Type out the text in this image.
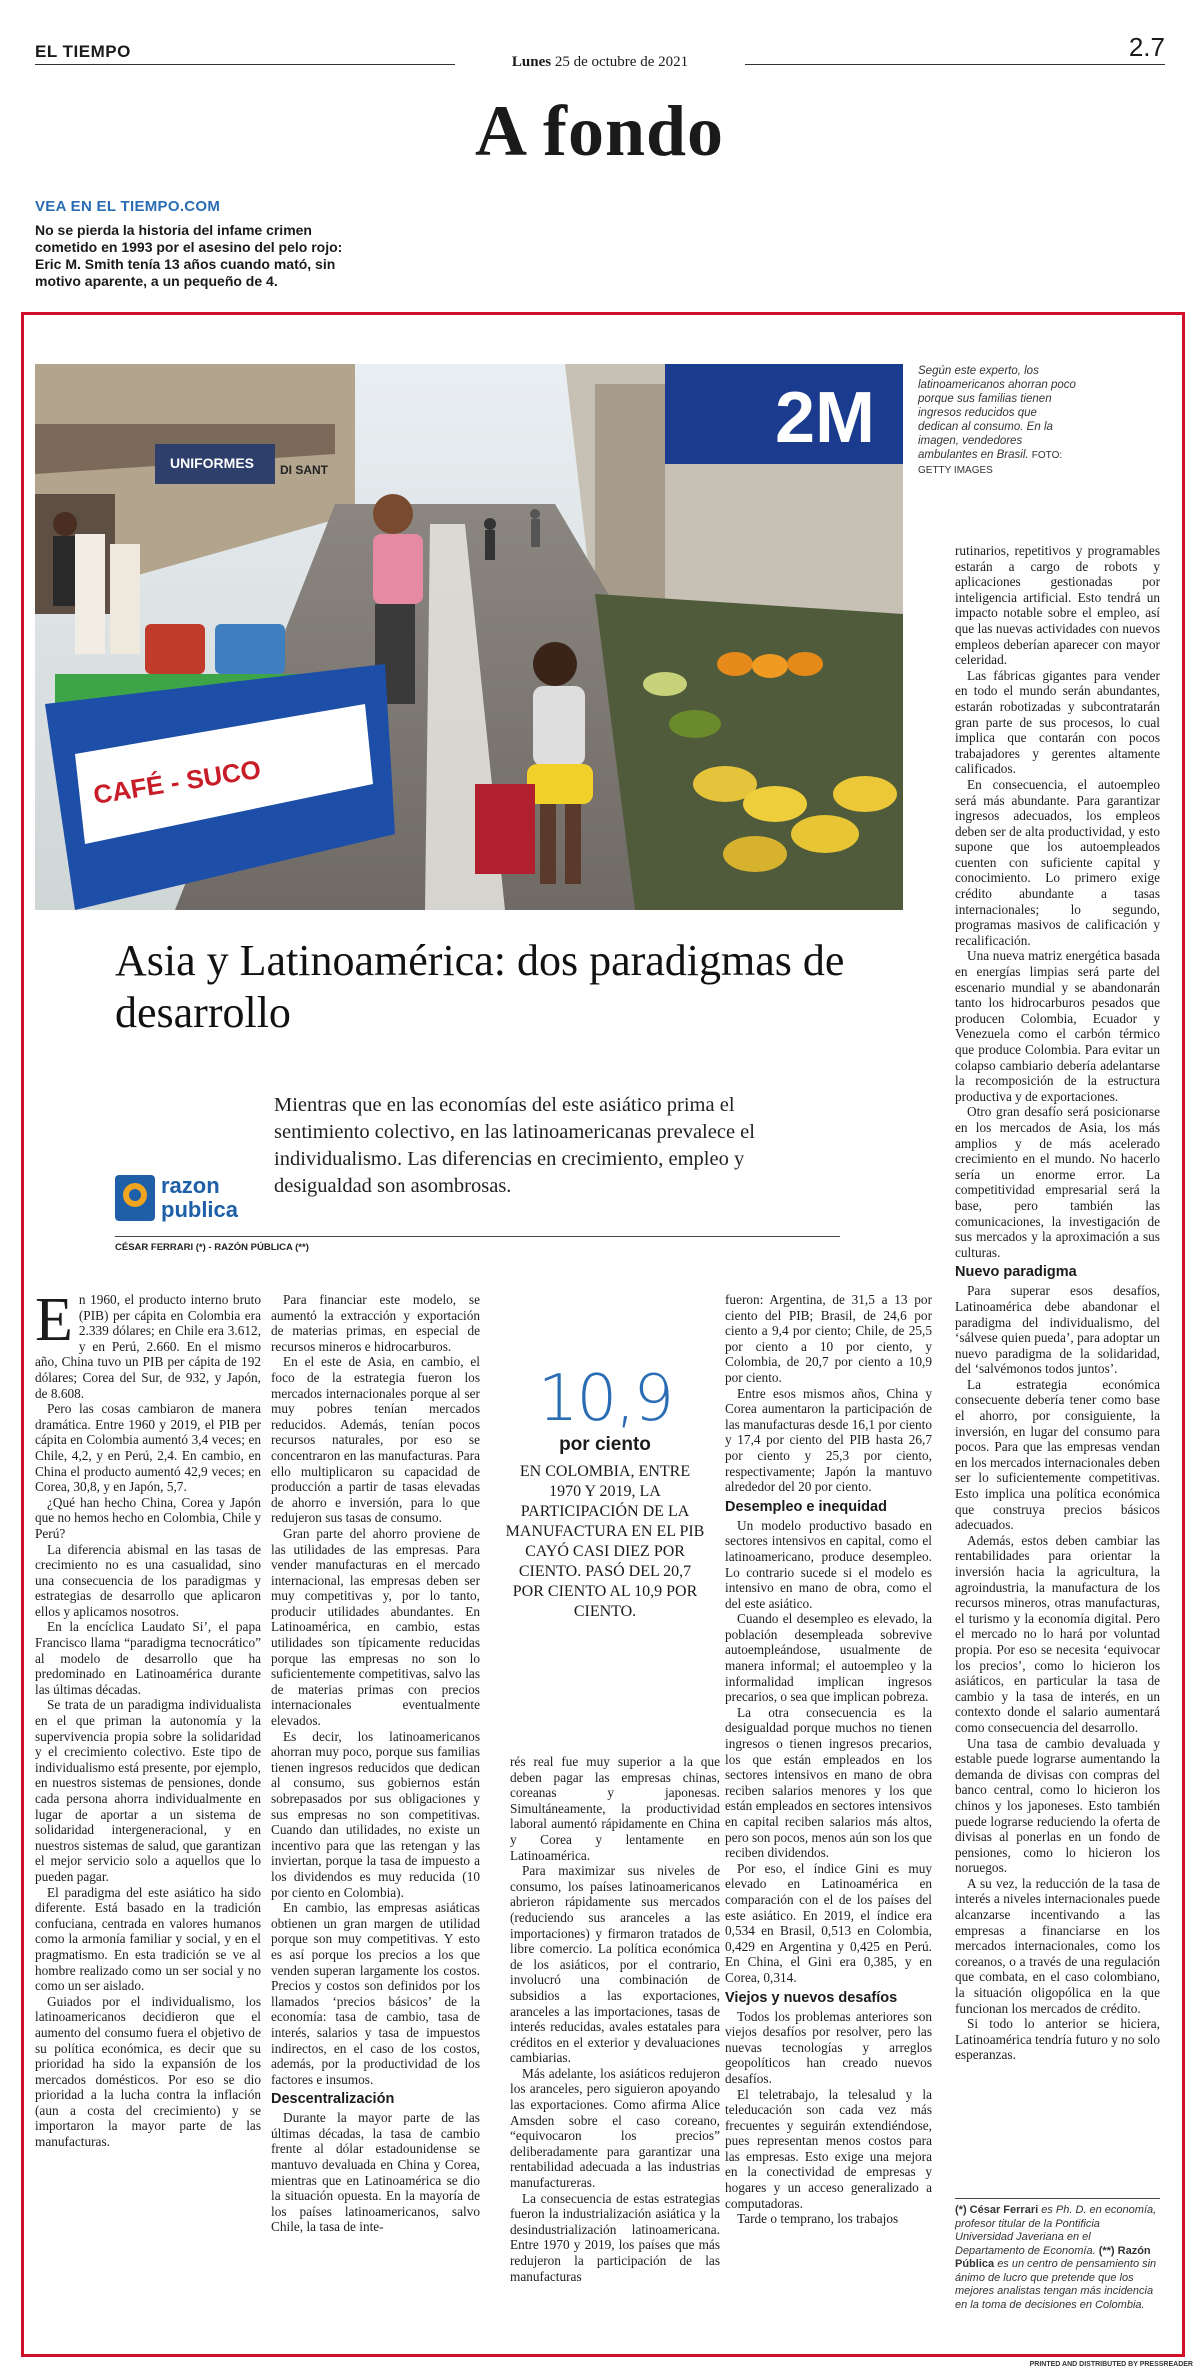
EL TIEMPO
Lunes 25 de octubre de 2021	2.7
A fondo
VEA EN EL TIEMPO.COM
No se pierda la historia del infame crimen cometido en 1993 por el asesino del pelo rojo: Eric M. Smith tenía 13 años cuando mató, sin motivo aparente, a un pequeño de 4.
UNIFORMES DI SANT
2M
CAFÉ - SUCO
Según este experto, los latinoamericanos ahorran poco porque sus familias tienen ingresos reducidos que dedican al consumo. En la imagen, vendedores ambulantes en Brasil. FOTO: GETTY IMAGES
Asia y Latinoamérica: dos paradigmas de desarrollo
Mientras que en las economías del este asiático prima el sentimiento colectivo, en las latinoamericanas prevalece el individualismo. Las diferencias en crecimiento, empleo y desigualdad son asombrosas.
razon
publica
CÉSAR FERRARI (*) - RAZÓN PÚBLICA (**)

En 1960, el producto interno bruto (PIB) per cápita en Colombia era 2.339 dólares; en Chile era 3.612, y en Perú, 2.660. En el mismo año, China tuvo un PIB per cápita de 192 dólares; Corea del Sur, de 932, y Japón, de 8.608.

Pero las cosas cambiaron de manera dramática. Entre 1960 y 2019, el PIB per cápita en Colombia aumentó 3,4 veces; en Chile, 4,2, y en Perú, 2,4. En cambio, en China el producto aumentó 42,9 veces; en Corea, 30,8, y en Japón, 5,7.

¿Qué han hecho China, Corea y Japón que no hemos hecho en Colombia, Chile y Perú?

La diferencia abismal en las tasas de crecimiento no es una casualidad, sino una consecuencia de los paradigmas y estrategias de desarrollo que aplicaron ellos y aplicamos nosotros.

En la encíclica Laudato Si’, el papa Francisco llama “paradigma tecnocrático” al modelo de desarrollo que ha predominado en Latinoamérica durante las últimas décadas.

Se trata de un paradigma individualista en el que priman la autonomía y la supervivencia propia sobre la solidaridad y el crecimiento colectivo. Este tipo de individualismo está presente, por ejemplo, en nuestros sistemas de pensiones, donde cada persona ahorra individualmente en lugar de aportar a un sistema de solidaridad intergeneracional, y en nuestros sistemas de salud, que garantizan el mejor servicio solo a aquellos que lo pueden pagar.

El paradigma del este asiático ha sido diferente. Está basado en la tradición confuciana, centrada en valores humanos como la armonía familiar y social, y en el pragmatismo. En esta tradición se ve al hombre realizado como un ser social y no como un ser aislado.

Guiados por el individualismo, los latinoamericanos decidieron que el aumento del consumo fuera el objetivo de su política económica, es decir que su prioridad ha sido la expansión de los mercados domésticos. Por eso se dio prioridad a la lucha contra la inflación (aun a costa del crecimiento) y se importaron la mayor parte de las manufacturas.

Para financiar este modelo, se aumentó la extracción y exportación de materias primas, en especial de recursos mineros e hidrocarburos.

En el este de Asia, en cambio, el foco de la estrategia fueron los mercados internacionales porque al ser muy pobres tenían mercados reducidos. Además, tenían pocos recursos naturales, por eso se concentraron en las manufacturas. Para ello multiplicaron su capacidad de producción a partir de tasas elevadas de ahorro e inversión, para lo que redujeron sus tasas de consumo.

Gran parte del ahorro proviene de las utilidades de las empresas. Para vender manufacturas en el mercado internacional, las empresas deben ser muy competitivas y, por lo tanto, producir utilidades abundantes. En Latinoamérica, en cambio, estas utilidades son típicamente reducidas porque las empresas no son lo suficientemente competitivas, salvo las de materias primas con precios internacionales eventualmente elevados.

Es decir, los latinoamericanos ahorran muy poco, porque sus familias tienen ingresos reducidos que dedican al consumo, sus gobiernos están sobrepasados por sus obligaciones y sus empresas no son competitivas. Cuando dan utilidades, no existe un incentivo para que las retengan y las inviertan, porque la tasa de impuesto a los dividendos es muy reducida (10 por ciento en Colombia).

En cambio, las empresas asiáticas obtienen un gran margen de utilidad porque son muy competitivas. Y esto es así porque los precios a los que venden superan largamente los costos. Precios y costos son definidos por los llamados ‘precios básicos’ de la economía: tasa de cambio, tasa de interés, salarios y tasa de impuestos indirectos, en el caso de los costos, además, por la productividad de los factores e insumos.

Descentralización

Durante la mayor parte de las últimas décadas, la tasa de cambio frente al dólar estadounidense se mantuvo devaluada en China y Corea, mientras que en Latinoamérica se dio la situación opuesta. En la mayoría de los países latinoamericanos, salvo Chile, la tasa de inte-

10,9
por ciento
EN COLOMBIA, ENTRE 1970 Y 2019, LA PARTICIPACIÓN DE LA MANUFACTURA EN EL PIB CAYÓ CASI DIEZ POR CIENTO. PASÓ DEL 20,7 POR CIENTO AL 10,9 POR CIENTO.

rés real fue muy superior a la que deben pagar las empresas chinas, coreanas y japonesas. Simultáneamente, la productividad laboral aumentó rápidamente en China y Corea y lentamente en Latinoamérica.

Para maximizar sus niveles de consumo, los países latinoamericanos abrieron rápidamente sus mercados (reduciendo sus aranceles a las importaciones) y firmaron tratados de libre comercio. La política económica de los asiáticos, por el contrario, involucró una combinación de subsidios a las exportaciones, aranceles a las importaciones, tasas de interés reducidas, avales estatales para créditos en el exterior y devaluaciones cambiarias.

Más adelante, los asiáticos redujeron los aranceles, pero siguieron apoyando las exportaciones. Como afirma Alice Amsden sobre el caso coreano, “equivocaron los precios” deliberadamente para garantizar una rentabilidad adecuada a las industrias manufactureras.

La consecuencia de estas estrategias fueron la industrialización asiática y la desindustrialización latinoamericana. Entre 1970 y 2019, los países que más redujeron la participación de las manufacturas

fueron: Argentina, de 31,5 a 13 por ciento del PIB; Brasil, de 24,6 por ciento a 9,4 por ciento; Chile, de 25,5 por ciento a 10 por ciento, y Colombia, de 20,7 por ciento a 10,9 por ciento.

Entre esos mismos años, China y Corea aumentaron la participación de las manufacturas desde 16,1 por ciento y 17,4 por ciento del PIB hasta 26,7 por ciento y 25,3 por ciento, respectivamente; Japón la mantuvo alrededor del 20 por ciento.

Desempleo e inequidad

Un modelo productivo basado en sectores intensivos en capital, como el latinoamericano, produce desempleo. Lo contrario sucede si el modelo es intensivo en mano de obra, como el del este asiático.

Cuando el desempleo es elevado, la población desempleada sobrevive autoempleándose, usualmente de manera informal; el autoempleo y la informalidad implican ingresos precarios, o sea que implican pobreza.

La otra consecuencia es la desigualdad porque muchos no tienen ingresos o tienen ingresos precarios, los que están empleados en los sectores intensivos en mano de obra reciben salarios menores y los que están empleados en sectores intensivos en capital reciben salarios más altos, pero son pocos, menos aún son los que reciben dividendos.

Por eso, el índice Gini es muy elevado en Latinoamérica en comparación con el de los países del este asiático. En 2019, el índice era 0,534 en Brasil, 0,513 en Colombia, 0,429 en Argentina y 0,425 en Perú. En China, el Gini era 0,385, y en Corea, 0,314.

Viejos y nuevos desafíos

Todos los problemas anteriores son viejos desafíos por resolver, pero las nuevas tecnologías y arreglos geopolíticos han creado nuevos desafíos.

El teletrabajo, la telesalud y la teleducación son cada vez más frecuentes y seguirán extendiéndose, pues representan menos costos para las empresas. Esto exige una mejora en la conectividad de empresas y hogares y un acceso generalizado a computadoras.

Tarde o temprano, los trabajos

rutinarios, repetitivos y programables estarán a cargo de robots y aplicaciones gestionadas por inteligencia artificial. Esto tendrá un impacto notable sobre el empleo, así que las nuevas actividades con nuevos empleos deberían aparecer con mayor celeridad.

Las fábricas gigantes para vender en todo el mundo serán abundantes, estarán robotizadas y subcontratarán gran parte de sus procesos, lo cual implica que contarán con pocos trabajadores y gerentes altamente calificados.

En consecuencia, el autoempleo será más abundante. Para garantizar ingresos adecuados, los empleos deben ser de alta productividad, y esto supone que los autoempleados cuenten con suficiente capital y conocimiento. Lo primero exige crédito abundante a tasas internacionales; lo segundo, programas masivos de calificación y recalificación.

Una nueva matriz energética basada en energías limpias será parte del escenario mundial y se abandonarán tanto los hidrocarburos pesados que producen Colombia, Ecuador y Venezuela como el carbón térmico que produce Colombia. Para evitar un colapso cambiario debería adelantarse la recomposición de la estructura productiva y de exportaciones.

Otro gran desafío será posicionarse en los mercados de Asia, los más amplios y de más acelerado crecimiento en el mundo. No hacerlo sería un enorme error. La competitividad empresarial será la base, pero también las comunicaciones, la investigación de sus mercados y la aproximación a sus culturas.

Nuevo paradigma

Para superar esos desafíos, Latinoamérica debe abandonar el paradigma del individualismo, del ‘sálvese quien pueda’, para adoptar un nuevo paradigma de la solidaridad, del ‘salvémonos todos juntos’.

La estrategia económica consecuente debería tener como base el ahorro, por consiguiente, la inversión, en lugar del consumo para pocos. Para que las empresas vendan en los mercados internacionales deben ser lo suficientemente competitivas. Esto implica una política económica que construya precios básicos adecuados.

Además, estos deben cambiar las rentabilidades para orientar la inversión hacia la agricultura, la agroindustria, la manufactura de los recursos mineros, otras manufacturas, el turismo y la economía digital. Pero el mercado no lo hará por voluntad propia. Por eso se necesita ‘equivocar los precios’, como lo hicieron los asiáticos, en particular la tasa de cambio y la tasa de interés, en un contexto donde el salario aumentará como consecuencia del desarrollo.

Una tasa de cambio devaluada y estable puede lograrse aumentando la demanda de divisas con compras del banco central, como lo hicieron los chinos y los japoneses. Esto también puede lograrse reduciendo la oferta de divisas al ponerlas en un fondo de pensiones, como lo hicieron los noruegos.

A su vez, la reducción de la tasa de interés a niveles internacionales puede alcanzarse incentivando a las empresas a financiarse en los mercados internacionales, como los coreanos, o a través de una regulación que combata, en el caso colombiano, la situación oligopólica en la que funcionan los mercados de crédito.

Si todo lo anterior se hiciera, Latinoamérica tendría futuro y no solo esperanzas.

(*) César Ferrari es Ph. D. en economía, profesor titular de la Pontificia Universidad Javeriana en el Departamento de Economía. (**) Razón Pública es un centro de pensamiento sin ánimo de lucro que pretende que los mejores analistas tengan más incidencia en la toma de decisiones en Colombia.
PRINTED AND DISTRIBUTED BY PRESSREADER
